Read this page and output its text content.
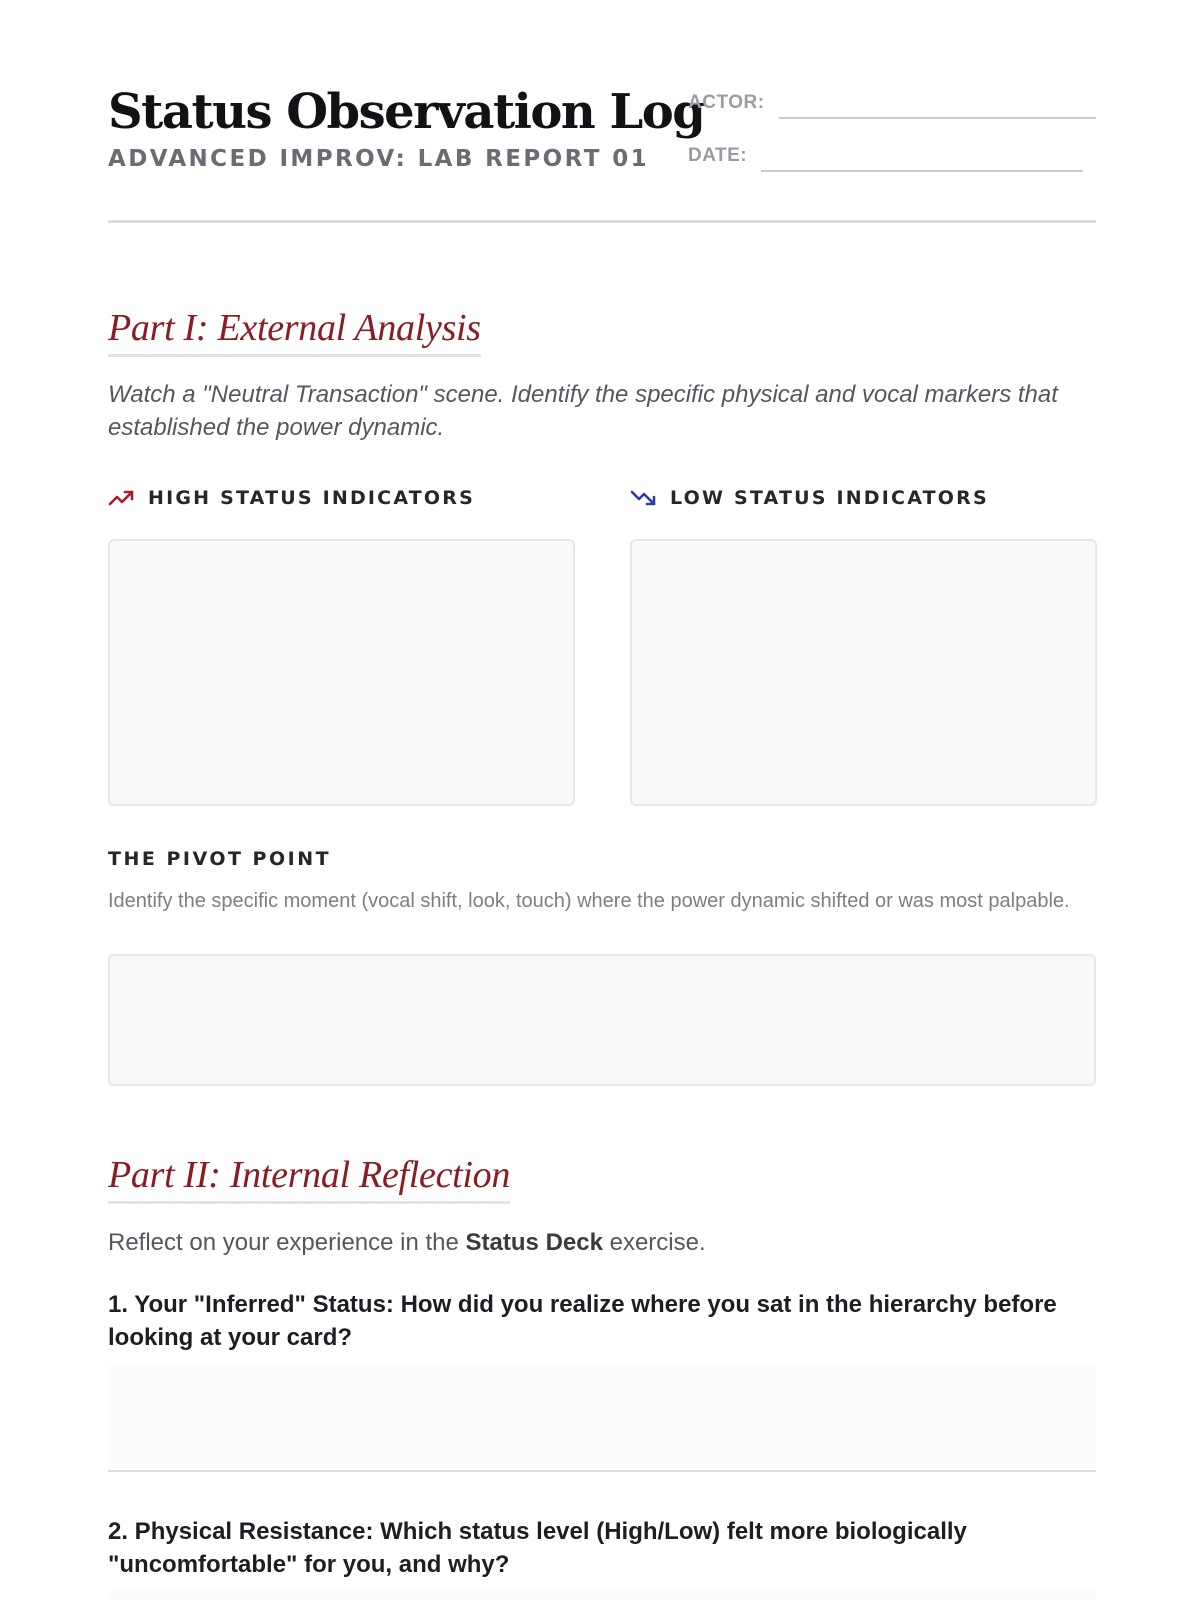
Status Observation Log
ADVANCED IMPROV: LAB REPORT 01
ACTOR:
DATE:
Part I: External Analysis
Watch a "Neutral Transaction" scene. Identify the specific physical and vocal markers that established the power dynamic.
HIGH STATUS INDICATORS	LOW STATUS INDICATORS
THE PIVOT POINT
Identify the specific moment (vocal shift, look, touch) where the power dynamic shifted or was most palpable.
Part II: Internal Reflection
Reflect on your experience in the Status Deck exercise.
1. Your "Inferred" Status: How did you realize where you sat in the hierarchy before looking at your card?
2. Physical Resistance: Which status level (High/Low) felt more biologically "uncomfortable" for you, and why?
